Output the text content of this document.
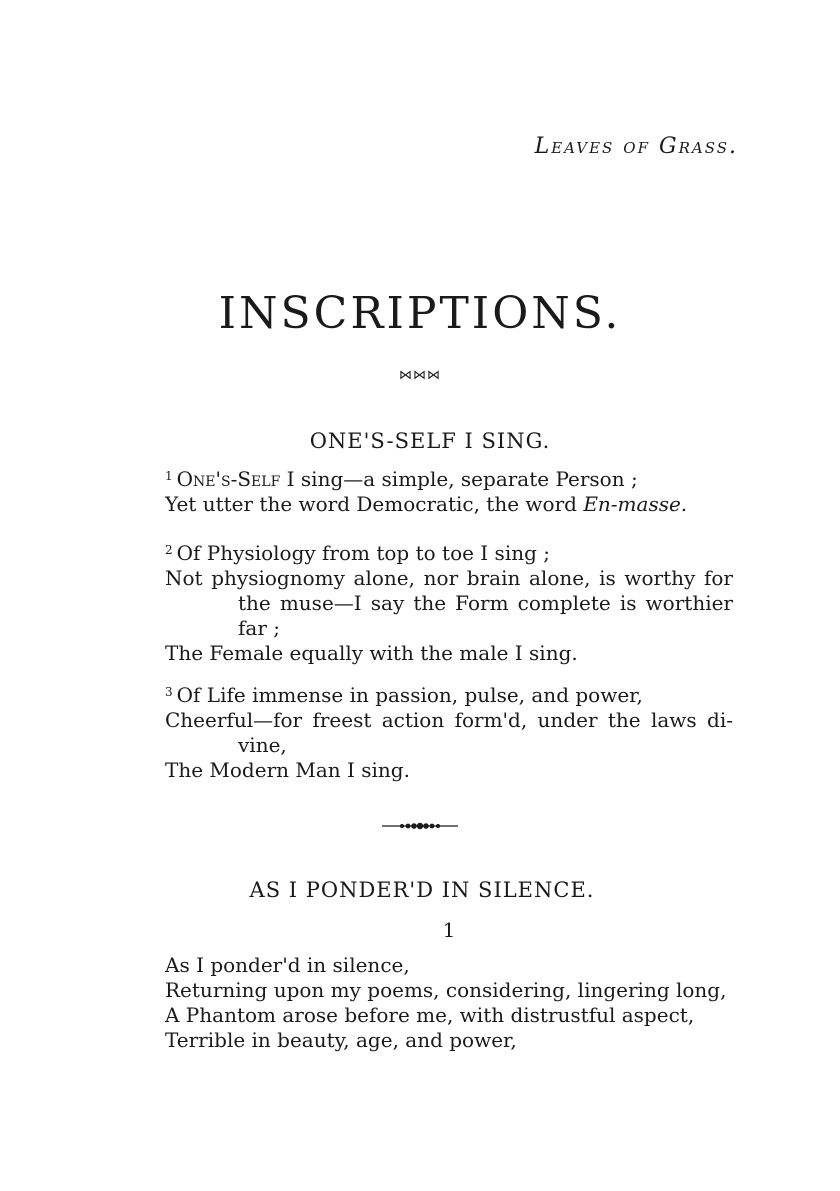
Leaves of Grass.
INSCRIPTIONS.
⋈⋈⋈
ONE'S-SELF I SING.
$^1$ One's-Self I sing—a simple, separate Person ;
Yet utter the word Democratic, the word En-masse.
$^2$ Of Physiology from top to toe I sing ;
Not physiognomy alone, nor brain alone, is worthy for
the muse—I say the Form complete is worthier
far ;
The Female equally with the male I sing.
$^3$ Of Life immense in passion, pulse, and power,
Cheerful—for freest action form'd, under the laws di-
vine,
The Modern Man I sing.
AS I PONDER'D IN SILENCE.
1
As I ponder'd in silence,
Returning upon my poems, considering, lingering long,
A Phantom arose before me, with distrustful aspect,
Terrible in beauty, age, and power,
